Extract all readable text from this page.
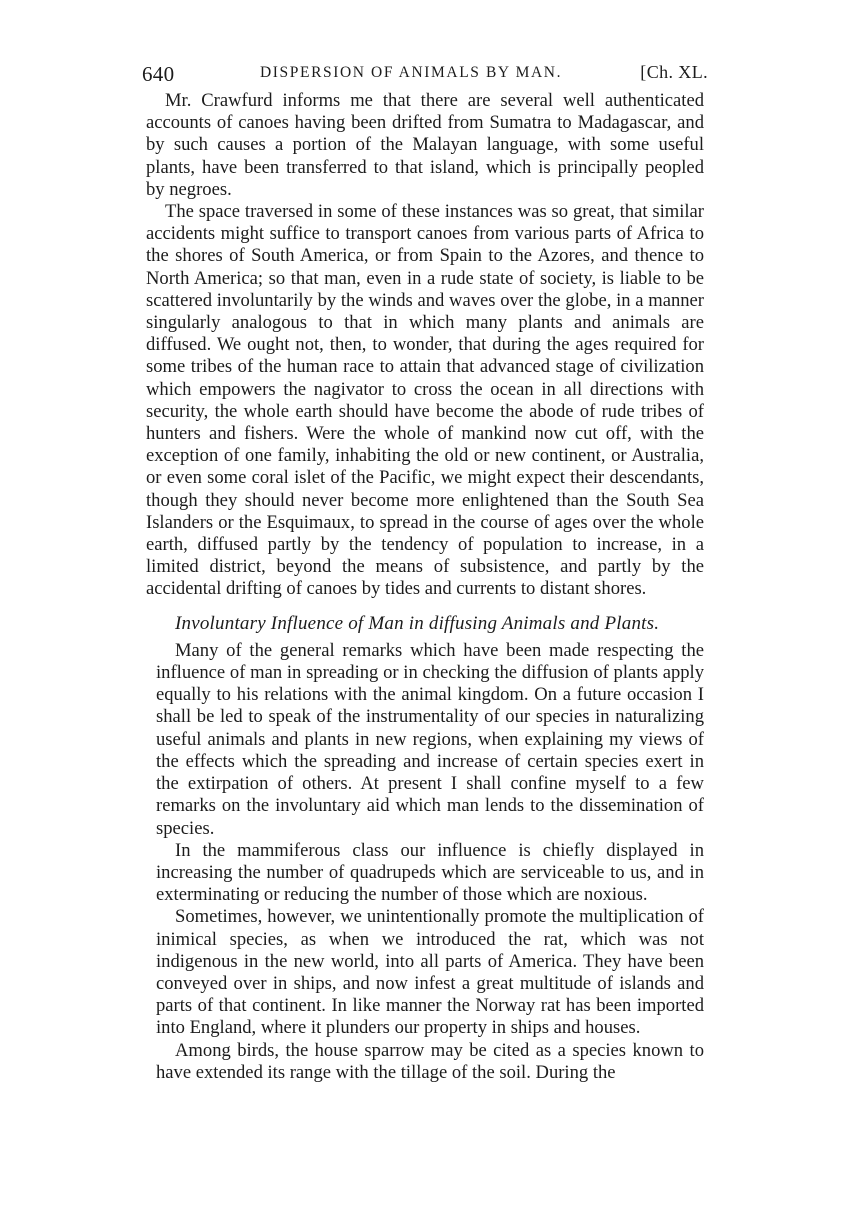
640	DISPERSION OF ANIMALS BY MAN.	[Ch. XL.

Mr. Crawfurd informs me that there are several well authenticated accounts of canoes having been drifted from Sumatra to Madagascar, and by such causes a portion of the Malayan language, with some useful plants, have been transferred to that island, which is principally peopled by negroes.

The space traversed in some of these instances was so great, that similar accidents might suffice to transport canoes from various parts of Africa to the shores of South America, or from Spain to the Azores, and thence to North America; so that man, even in a rude state of society, is liable to be scattered involuntarily by the winds and waves over the globe, in a manner singularly analogous to that in which many plants and animals are diffused. We ought not, then, to wonder, that during the ages required for some tribes of the human race to attain that advanced stage of civilization which empowers the nagivator to cross the ocean in all directions with security, the whole earth should have become the abode of rude tribes of hunters and fishers. Were the whole of mankind now cut off, with the exception of one family, inhabiting the old or new continent, or Australia, or even some coral islet of the Pacific, we might expect their descendants, though they should never become more enlightened than the South Sea Islanders or the Esquimaux, to spread in the course of ages over the whole earth, diffused partly by the tendency of population to increase, in a limited district, beyond the means of subsistence, and partly by the accidental drifting of canoes by tides and currents to distant shores.

Involuntary Influence of Man in diffusing Animals and Plants.

Many of the general remarks which have been made respecting the influence of man in spreading or in checking the diffusion of plants apply equally to his relations with the animal kingdom. On a future occasion I shall be led to speak of the instrumentality of our species in naturalizing useful animals and plants in new regions, when explaining my views of the effects which the spreading and increase of certain species exert in the extirpation of others. At present I shall confine myself to a few remarks on the involuntary aid which man lends to the dissemination of species.

In the mammiferous class our influence is chiefly displayed in increasing the number of quadrupeds which are serviceable to us, and in exterminating or reducing the number of those which are noxious.

Sometimes, however, we unintentionally promote the multiplication of inimical species, as when we introduced the rat, which was not indigenous in the new world, into all parts of America. They have been conveyed over in ships, and now infest a great multitude of islands and parts of that continent. In like manner the Norway rat has been imported into England, where it plunders our property in ships and houses.

Among birds, the house sparrow may be cited as a species known to have extended its range with the tillage of the soil. During the
